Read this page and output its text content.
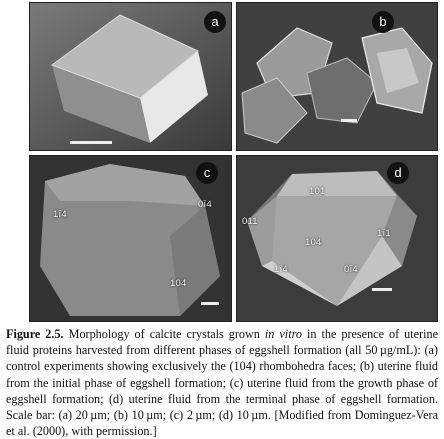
a	b
c
1ī4
0ī4
104
d
101
011
1ī1
104
1ī4	0ī4
Figure 2.5. Morphology of calcite crystals grown in vitro in the presence of uterine fluid proteins harvested from different phases of eggshell formation (all 50 µg/mL): (a) control experiments showing exclusively the (104) rhombohedra faces; (b) uterine fluid from the initial phase of eggshell formation; (c) uterine fluid from the growth phase of eggshell formation; (d) uterine fluid from the terminal phase of eggshell formation. Scale bar: (a) 20 µm; (b) 10 µm; (c) 2 µm; (d) 10 µm. [Modified from Dominguez-Vera et al. (2000), with permission.]
